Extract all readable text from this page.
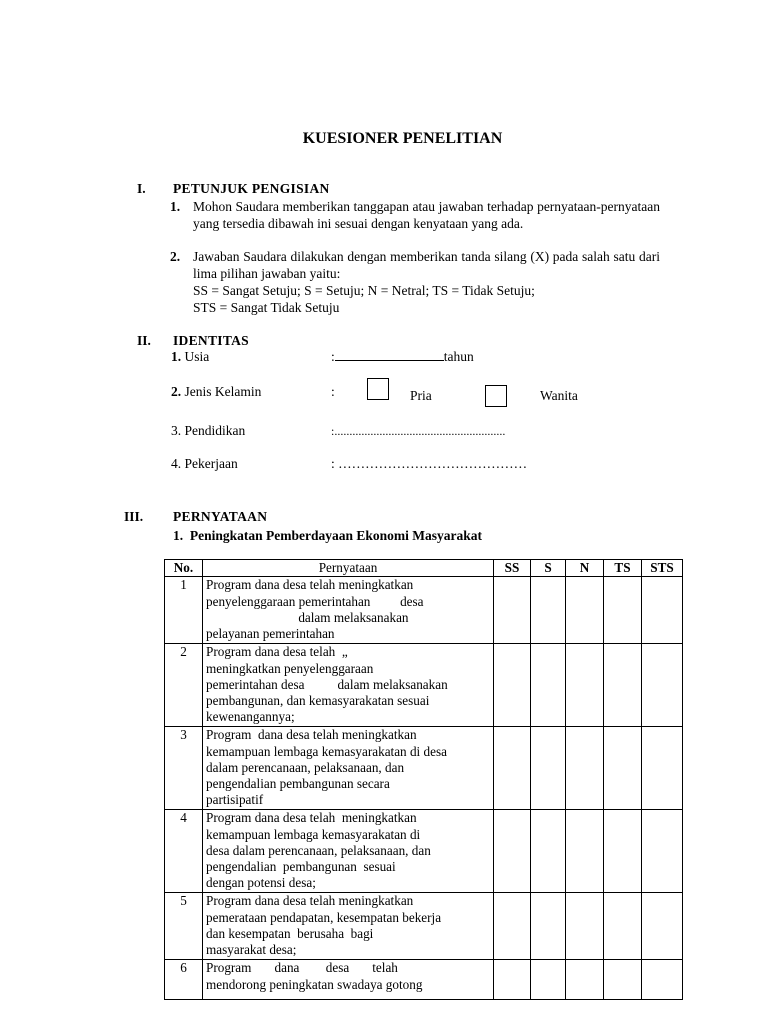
KUESIONER PENELITIAN
I. PETUNJUK PENGISIAN
1. Mohon Saudara memberikan tanggapan atau jawaban terhadap pernyataan-pernyataan yang tersedia dibawah ini sesuai dengan kenyataan yang ada.
2. Jawaban Saudara dilakukan dengan memberikan tanda silang (X) pada salah satu dari lima pilihan jawaban yaitu:
SS = Sangat Setuju; S = Setuju; N = Netral; TS = Tidak Setuju;
STS = Sangat Tidak Setuju
II. IDENTITAS
1. Usia	:	tahun
2. Jenis Kelamin	:	Pria	Wanita
3. Pendidikan	:.........................................................
4. Pekerjaan	: ……………………………………
III. PERNYATAAN
1. Peningkatan Pemberdayaan Ekonomi Masyarakat
No.	Pernyataan	SS	S	N	TS	STS
1	Program dana desa telah meningkatkan
penyelenggaraan pemerintahan         desa
dalam melaksanakan
pelayanan pemerintahan					

2	Program dana desa telah  „
meningkatkan penyelenggaraan
pemerintahan desa          dalam melaksanakan
pembangunan, dan kemasyarakatan sesuai
kewenangannya;					

3	Program  dana desa telah meningkatkan
kemampuan lembaga kemasyarakatan di desa
dalam perencanaan, pelaksanaan, dan
pengendalian pembangunan secara
partisipatif					

4	Program dana desa telah  meningkatkan
kemampuan lembaga kemasyarakatan di
desa dalam perencanaan, pelaksanaan, dan
pengendalian  pembangunan  sesuai
dengan potensi desa;					

5	Program dana desa telah meningkatkan
pemerataan pendapatan, kesempatan bekerja
dan kesempatan  berusaha  bagi
masyarakat desa;					

6	Program       dana        desa       telah
mendorong peningkatan swadaya gotong					
